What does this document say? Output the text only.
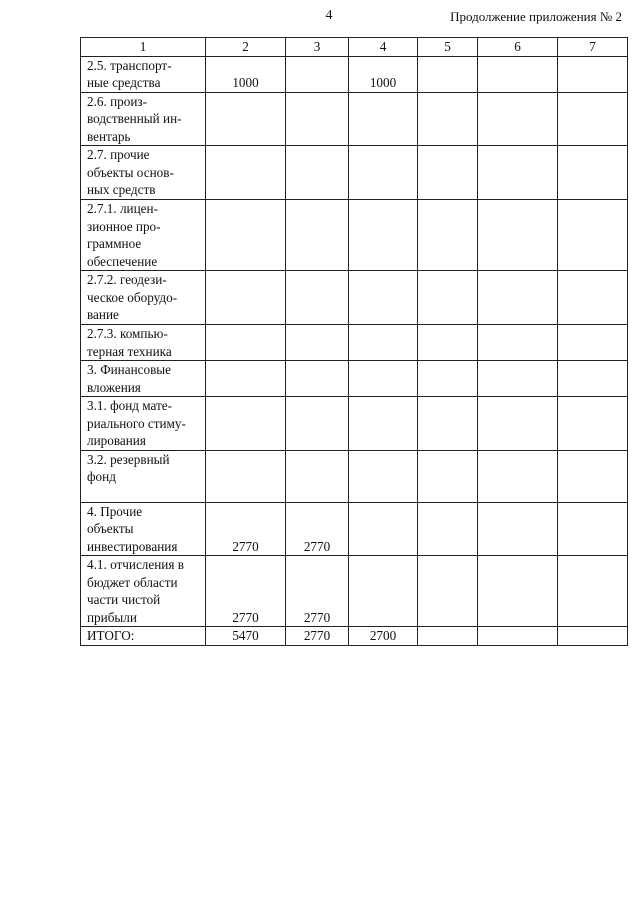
4	Продолжение приложения № 2
1	2	3	4	5	6	7

2.5. транспорт-
ные средства	1000		1000			

2.6. произ-
водственный ин-
вентарь						

2.7. прочие
объекты основ-
ных средств						

2.7.1. лицен-
зионное про-
граммное
обеспечение						

2.7.2. геодези-
ческое оборудо-
вание						

2.7.3. компью-
терная техника						

3. Финансовые
вложения						

3.1. фонд мате-
риального стиму-
лирования						

3.2. резервный
фонд						

4. Прочие
объекты
инвестирования	2770	2770				

4.1. отчисления в
бюджет области
части чистой
прибыли	2770	2770				

ИТОГО:	5470	2770	2700			
